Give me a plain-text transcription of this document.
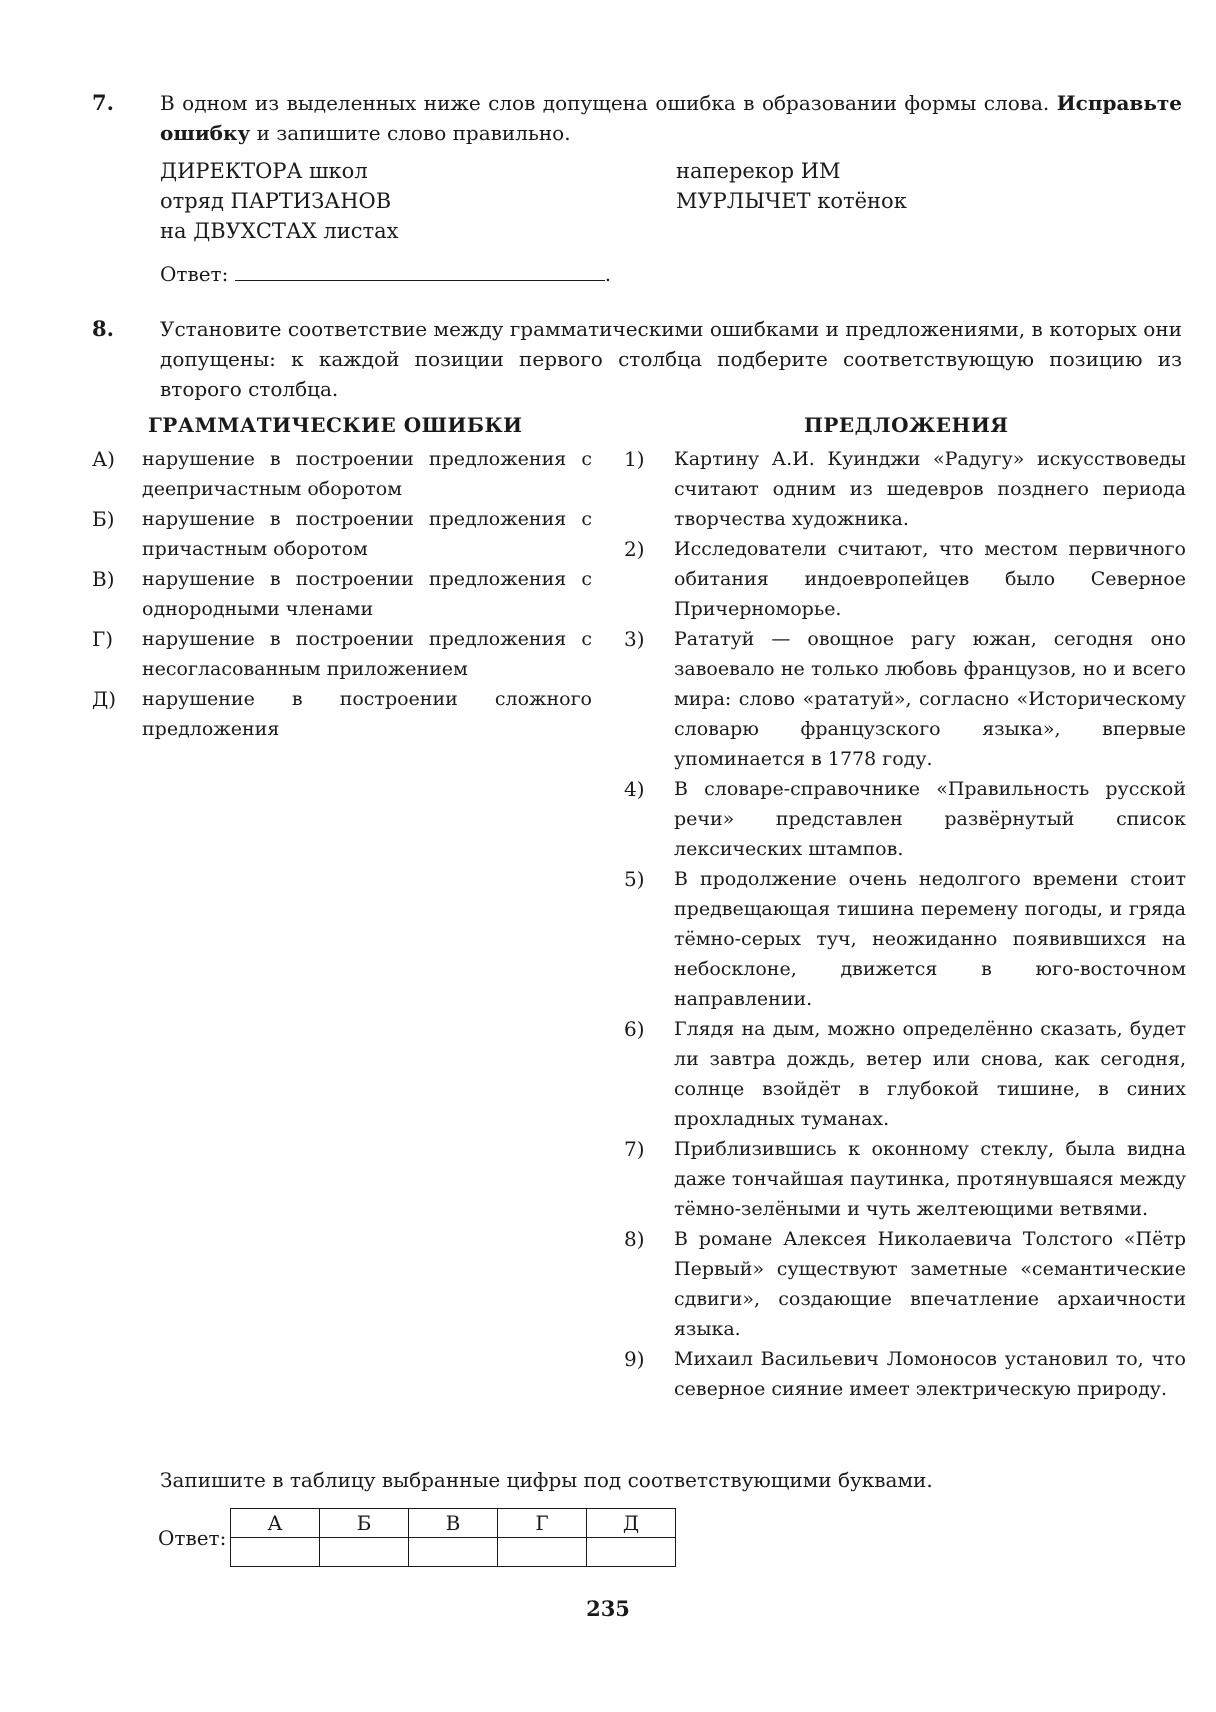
7. В одном из выделенных ниже слов допущена ошибка в образовании формы слова. Исправьте ошибку и запишите слово правильно.
ДИРЕКТОРА школ
отряд ПАРТИЗАНОВ
на ДВУХСТАХ листах
наперекор ИМ
МУРЛЫЧЕТ котёнок
Ответ:	.
8. Установите соответствие между грамматическими ошибками и предложениями, в которых они допущены: к каждой позиции первого столбца подберите соответствующую позицию из второго столбца.
ГРАММАТИЧЕСКИЕ ОШИБКИ	ПРЕДЛОЖЕНИЯ
А)	нарушение в построении предложения с деепричастным оборотом
Б)	нарушение в построении предложения с причастным оборотом
В)	нарушение в построении предложения с однородными членами
Г)	нарушение в построении предложения с несогласованным приложением
Д)	нарушение в построении сложного предложения
1)	Картину А.И. Куинджи «Радугу» искусствоведы считают одним из шедевров позднего периода творчества художника.
2)	Исследователи считают, что местом первичного обитания индоевропейцев было Северное Причерноморье.
3)	Рататуй — овощное рагу южан, сегодня оно завоевало не только любовь французов, но и всего мира: слово «рататуй», согласно «Историческому словарю французского языка», впервые упоминается в 1778 году.
4)	В словаре-справочнике «Правильность русской речи» представлен развёрнутый список лексических штампов.
5)	В продолжение очень недолгого времени стоит предвещающая тишина перемену погоды, и гряда тёмно-серых туч, неожиданно появившихся на небосклоне, движется в юго-восточном направлении.
6)	Глядя на дым, можно определённо сказать, будет ли завтра дождь, ветер или снова, как сегодня, солнце взойдёт в глубокой тишине, в синих прохладных туманах.
7)	Приблизившись к оконному стеклу, была видна даже тончайшая паутинка, протянувшаяся между тёмно-зелёными и чуть желтеющими ветвями.
8)	В романе Алексея Николаевича Толстого «Пётр Первый» существуют заметные «семантические сдвиги», создающие впечатление архаичности языка.
9)	Михаил Васильевич Ломоносов установил то, что северное сияние имеет электрическую природу.
Запишите в таблицу выбранные цифры под соответствующими буквами.
Ответ:
А	Б	В	Г	Д

235
